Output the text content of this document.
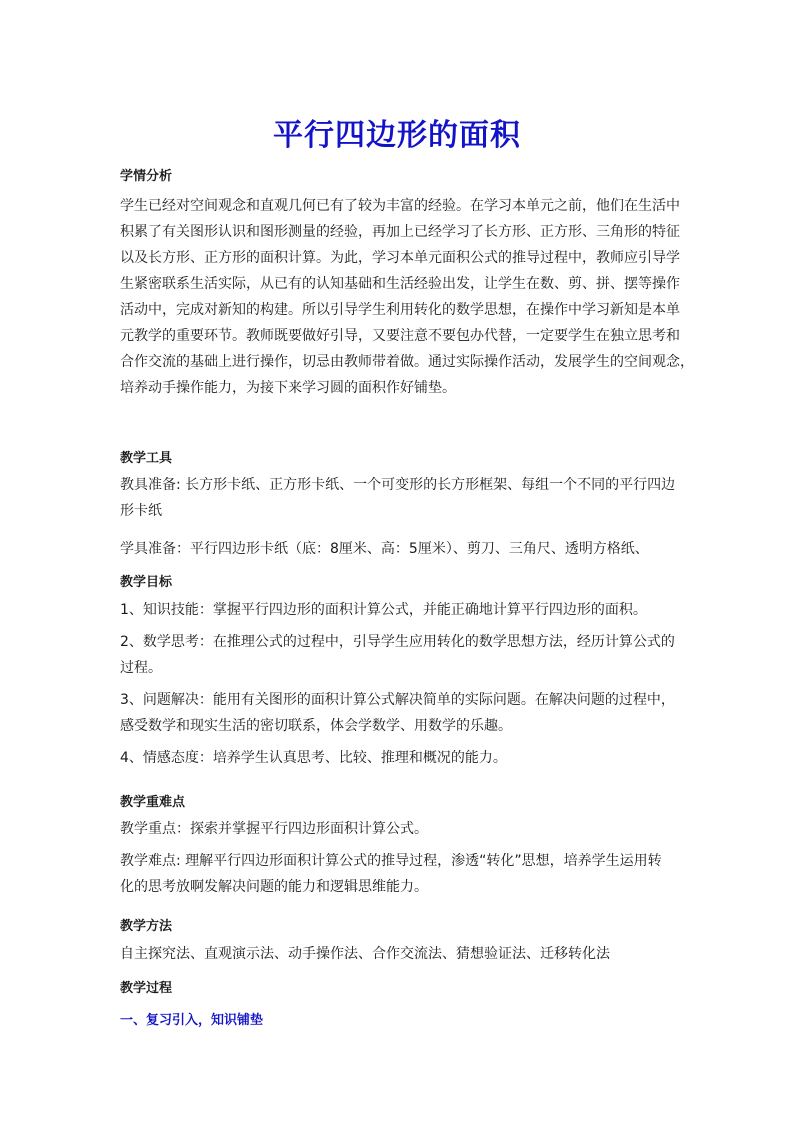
平行四边形的面积
学情分析
学生已经对空间观念和直观几何已有了较为丰富的经验。在学习本单元之前，他们在生活中
积累了有关图形认识和图形测量的经验，再加上已经学习了长方形、正方形、三角形的特征
以及长方形、正方形的面积计算。为此，学习本单元面积公式的推导过程中，教师应引导学
生紧密联系生活实际，从已有的认知基础和生活经验出发，让学生在数、剪、拼、摆等操作
活动中，完成对新知的构建。所以引导学生利用转化的数学思想，在操作中学习新知是本单
元教学的重要环节。教师既要做好引导，又要注意不要包办代替，一定要学生在独立思考和
合作交流的基础上进行操作，切忌由教师带着做。通过实际操作活动，发展学生的空间观念，
培养动手操作能力，为接下来学习圆的面积作好铺垫。
教学工具
教具准备: 长方形卡纸、正方形卡纸、一个可变形的长方形框架、每组一个不同的平行四边
形卡纸
学具准备：平行四边形卡纸（底：8厘米、高：5厘米）、剪刀、三角尺、透明方格纸、
教学目标
1、知识技能：掌握平行四边形的面积计算公式，并能正确地计算平行四边形的面积。
2、数学思考：在推理公式的过程中，引导学生应用转化的数学思想方法，经历计算公式的
过程。
3、问题解决：能用有关图形的面积计算公式解决简单的实际问题。在解决问题的过程中，
感受数学和现实生活的密切联系，体会学数学、用数学的乐趣。
4、情感态度：培养学生认真思考、比较、推理和概况的能力。
教学重难点
教学重点：探索并掌握平行四边形面积计算公式。
教学难点: 理解平行四边形面积计算公式的推导过程，渗透“转化”思想，培养学生运用转
化的思考放啊发解决问题的能力和逻辑思维能力。
教学方法
自主探究法、直观演示法、动手操作法、合作交流法、猜想验证法、迁移转化法
教学过程
一、复习引入，知识铺垫
